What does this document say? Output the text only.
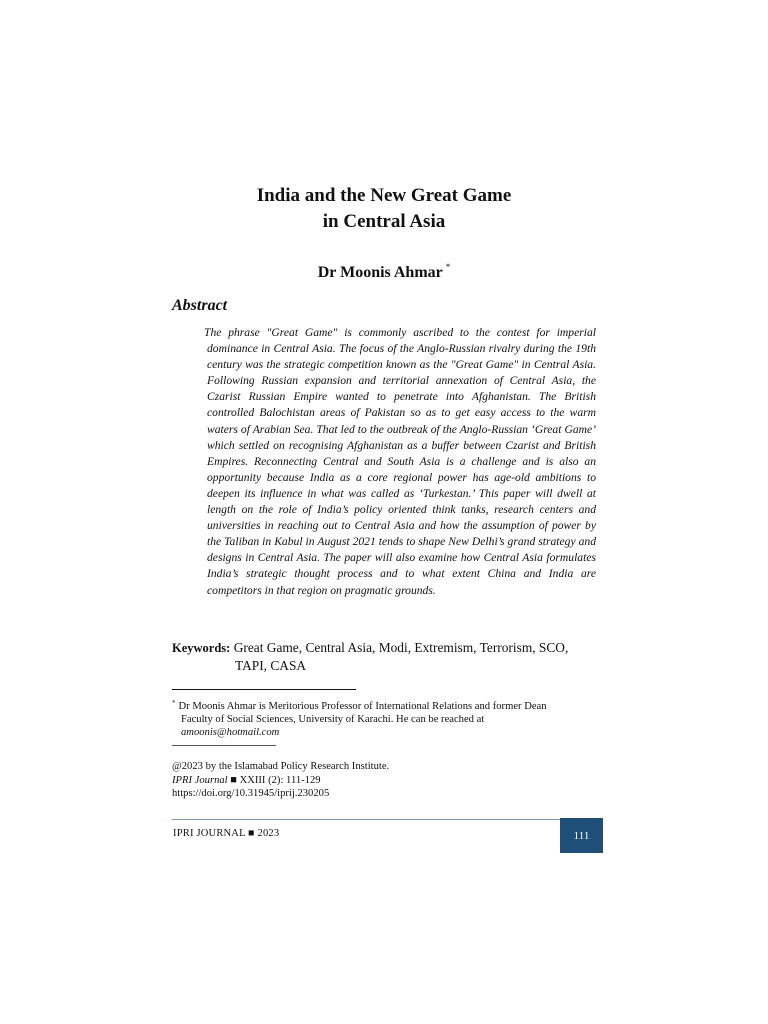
India and the New Great Game
in Central Asia
Dr Moonis Ahmar *
Abstract
The phrase "Great Game" is commonly ascribed to the contest for imperial dominance in Central Asia. The focus of the Anglo-Russian rivalry during the 19th century was the strategic competition known as the "Great Game" in Central Asia. Following Russian expansion and territorial annexation of Central Asia, the Czarist Russian Empire wanted to penetrate into Afghanistan. The British controlled Balochistan areas of Pakistan so as to get easy access to the warm waters of Arabian Sea. That led to the outbreak of the Anglo-Russian ‘Great Game’ which settled on recognising Afghanistan as a buffer between Czarist and British Empires. Reconnecting Central and South Asia is a challenge and is also an opportunity because India as a core regional power has age-old ambitions to deepen its influence in what was called as ‘Turkestan.’ This paper will dwell at length on the role of India’s policy oriented think tanks, research centers and universities in reaching out to Central Asia and how the assumption of power by the Taliban in Kabul in August 2021 tends to shape New Delhi’s grand strategy and designs in Central Asia. The paper will also examine how Central Asia formulates India’s strategic thought process and to what extent China and India are competitors in that region on pragmatic grounds.
Keywords: Great Game, Central Asia, Modi, Extremism, Terrorism, SCO,
TAPI, CASA
* Dr Moonis Ahmar is Meritorious Professor of International Relations and former Dean
Faculty of Social Sciences, University of Karachi. He can be reached at
amoonis@hotmail.com
@2023 by the Islamabad Policy Research Institute.
IPRI Journal ■ XXIII (2): 111-129
https://doi.org/10.31945/iprij.230205
IPRI JOURNAL ■ 2023	111
